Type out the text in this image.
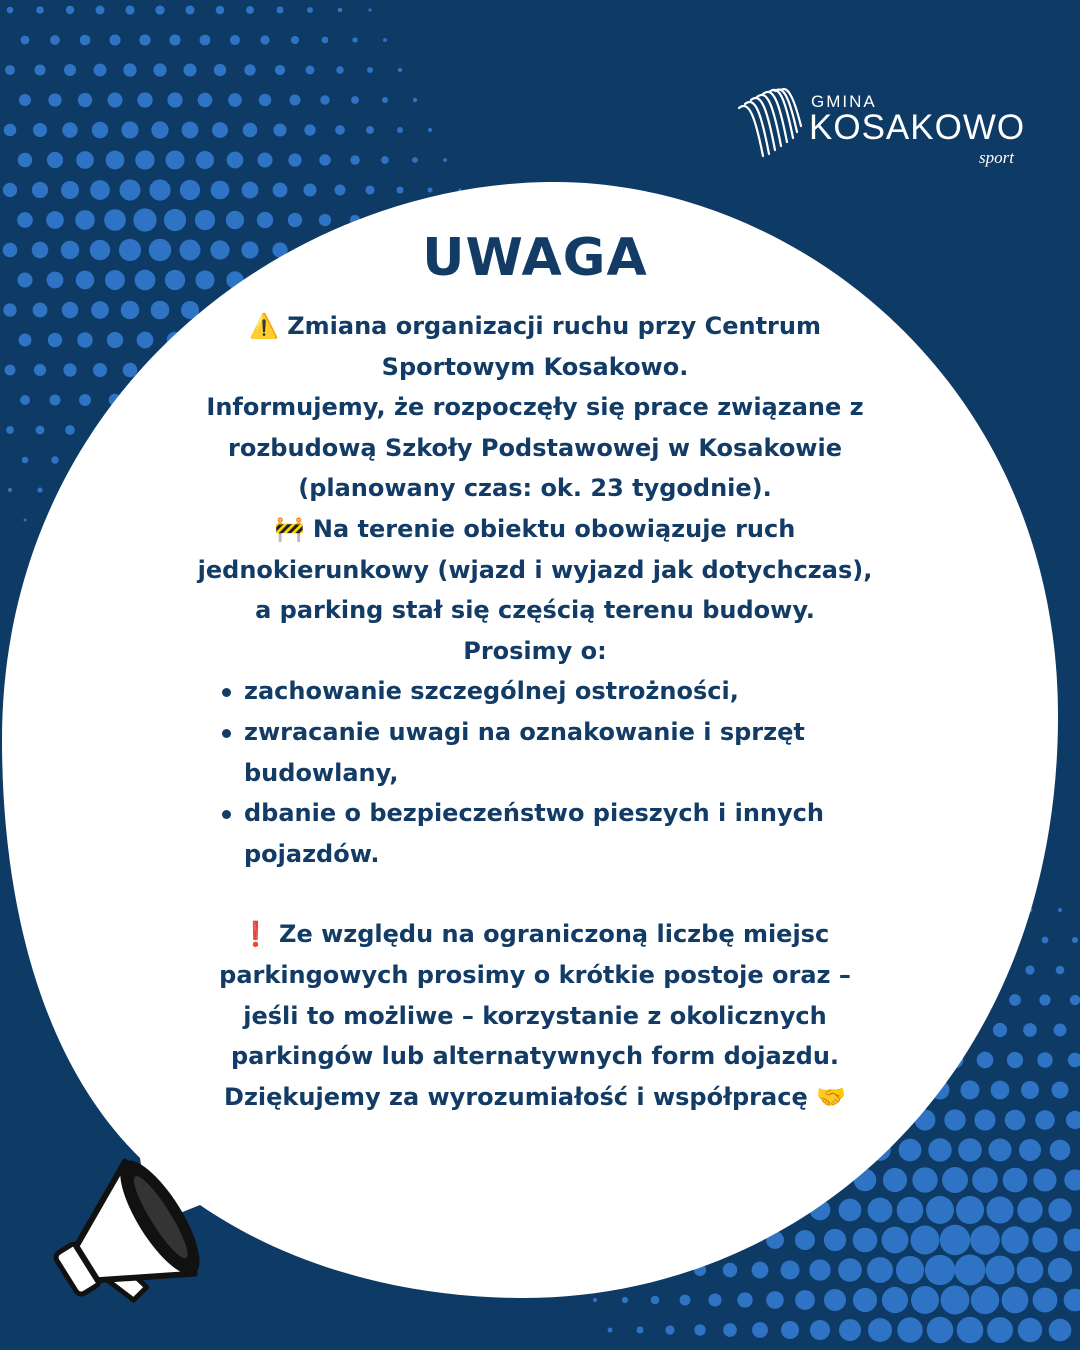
GMINA
KOSAKOWO
sport
UWAGA

⚠️ Zmiana organizacji ruchu przy Centrum

Sportowym Kosakowo.

Informujemy, że rozpoczęły się prace związane z rozbudową Szkoły Podstawowej w Kosakowie (planowany czas: ok. 23 tygodnie).

🚧 Na terenie obiektu obowiązuje ruch jednokierunkowy (wjazd i wyjazd jak dotychczas), a parking stał się częścią terenu budowy.

Prosimy o:

zachowanie szczególnej ostrożności,
zwracanie uwagi na oznakowanie i sprzęt budowlany,
dbanie o bezpieczeństwo pieszych i innych pojazdów.

❗ Ze względu na ograniczoną liczbę miejsc parkingowych prosimy o krótkie postoje oraz – jeśli to możliwe – korzystanie z okolicznych parkingów lub alternatywnych form dojazdu.

Dziękujemy za wyrozumiałość i współpracę 🤝
